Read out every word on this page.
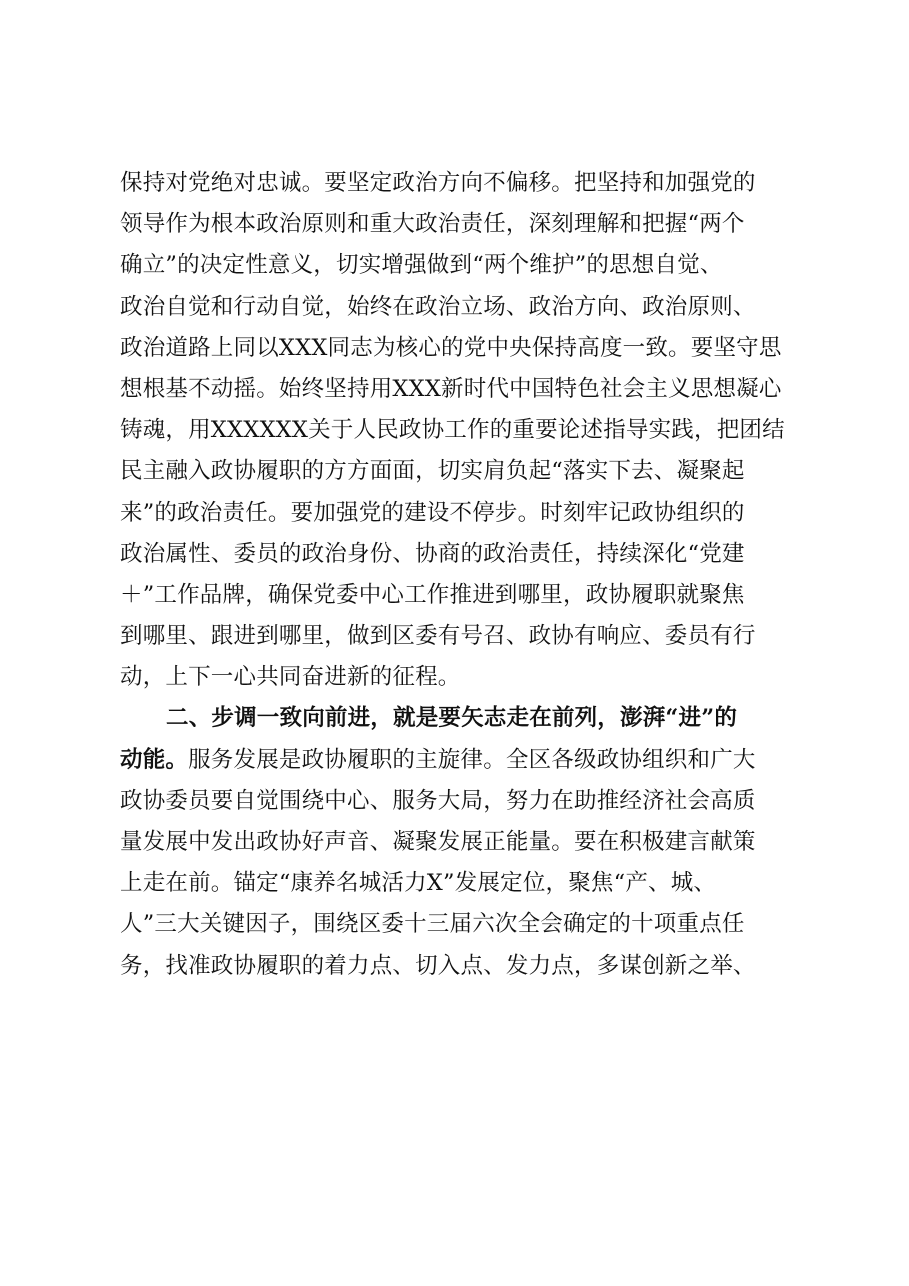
保持对党绝对忠诚。要坚定政治方向不偏移。把坚持和加强党的
领导作为根本政治原则和重大政治责任，深刻理解和把握“两个
确立”的决定性意义，切实增强做到“两个维护”的思想自觉、
政治自觉和行动自觉，始终在政治立场、政治方向、政治原则、
政治道路上同以XXX同志为核心的党中央保持高度一致。要坚守思
想根基不动摇。始终坚持用XXX新时代中国特色社会主义思想凝心
铸魂，用XXXXXX关于人民政协工作的重要论述指导实践，把团结
民主融入政协履职的方方面面，切实肩负起“落实下去、凝聚起
来”的政治责任。要加强党的建设不停步。时刻牢记政协组织的
政治属性、委员的政治身份、协商的政治责任，持续深化“党建
＋”工作品牌，确保党委中心工作推进到哪里，政协履职就聚焦
到哪里、跟进到哪里，做到区委有号召、政协有响应、委员有行
动，上下一心共同奋进新的征程。
二、步调一致向前进，就是要矢志走在前列，澎湃“进”的
动能。服务发展是政协履职的主旋律。全区各级政协组织和广大
政协委员要自觉围绕中心、服务大局，努力在助推经济社会高质
量发展中发出政协好声音、凝聚发展正能量。要在积极建言献策
上走在前。锚定“康养名城活力X”发展定位，聚焦“产、城、
人”三大关键因子，围绕区委十三届六次全会确定的十项重点任
务，找准政协履职的着力点、切入点、发力点，多谋创新之举、
